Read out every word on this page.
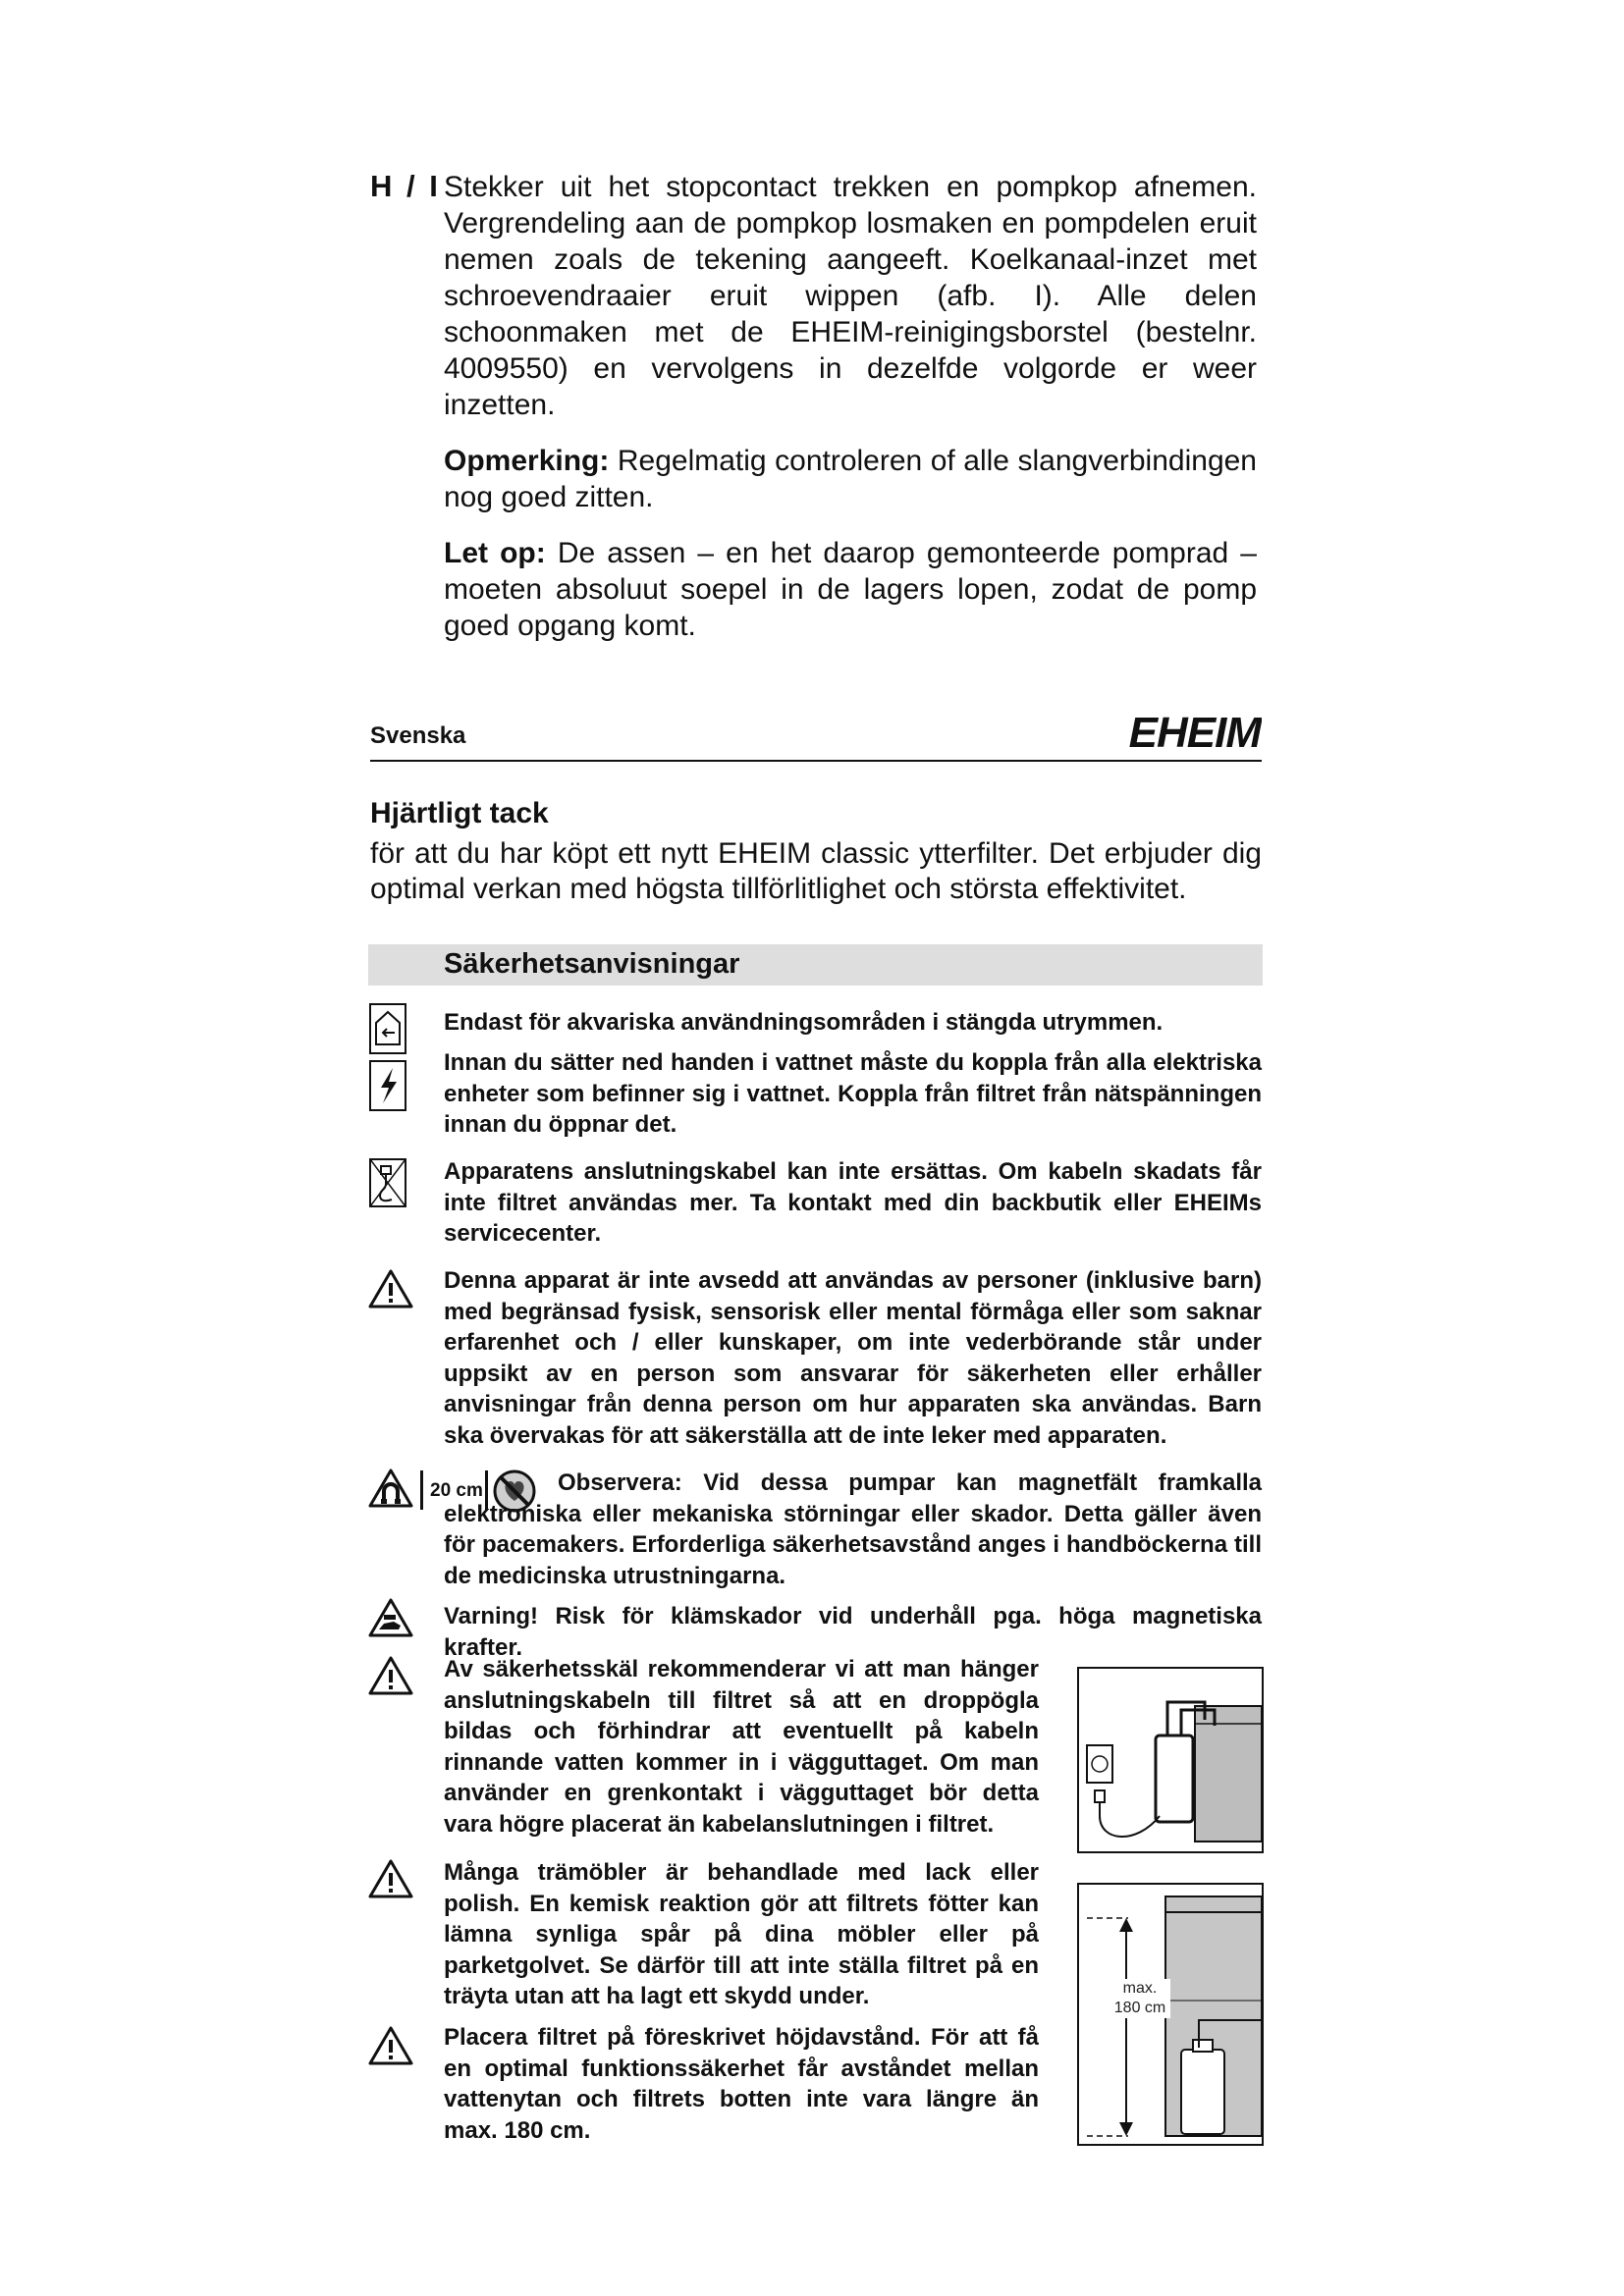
H / I Stekker uit het stopcontact trekken en pompkop afnemen. Vergrendeling aan de pompkop losmaken en pompdelen eruit nemen zoals de tekening aangeeft. Koelkanaal-inzet met schroevendraaier eruit wippen (afb. I). Alle delen schoonmaken met de EHEIM-reinigingsborstel (bestelnr. 4009550) en vervolgens in dezelfde volgorde er weer inzetten.

Opmerking: Regelmatig controleren of alle slangverbindingen nog goed zitten.

Let op: De assen – en het daarop gemonteerde pomprad – moeten absoluut soepel in de lagers lopen, zodat de pomp goed opgang komt.

Svenska	EHEIM
Hjärtligt tack
för att du har köpt ett nytt EHEIM classic ytterfilter. Det erbjuder dig optimal verkan med högsta tillförlitlighet och största effektivitet.
Säkerhetsanvisningar
Endast för akvariska användningsområden i stängda utrymmen.
Innan du sätter ned handen i vattnet måste du koppla från alla elektriska enheter som befinner sig i vattnet. Koppla från filtret från nätspänningen innan du öppnar det.
Apparatens anslutningskabel kan inte ersättas. Om kabeln skadats får inte filtret användas mer. Ta kontakt med din backbutik eller EHEIMs servicecenter.
Denna apparat är inte avsedd att användas av personer (inklusive barn) med begränsad fysisk, sensorisk eller mental förmåga eller som saknar erfarenhet och / eller kunskaper, om inte vederbörande står under uppsikt av en person som ansvarar för säkerheten eller erhåller anvisningar från denna person om hur apparaten ska användas. Barn ska övervakas för att säkerställa att de inte leker med apparaten.
20 cm	Observera: Vid dessa pumpar kan magnetfält framkalla elektroniska eller mekaniska störningar eller skador. Detta gäller även för pacemakers. Erforderliga säkerhetsavstånd anges i handböckerna till de medicinska utrustningarna.
Varning! Risk för klämskador vid underhåll pga. höga magnetiska krafter.
Av säkerhetsskäl rekommenderar vi att man hänger anslutningskabeln till filtret så att en droppögla bildas och förhindrar att eventuellt på kabeln rinnande vatten kommer in i vägguttaget. Om man använder en grenkontakt i vägguttaget bör detta vara högre placerat än kabelanslutningen i filtret.
Många trämöbler är behandlade med lack eller polish. En kemisk reaktion gör att filtrets fötter kan lämna synliga spår på dina möbler eller på parketgolvet. Se därför till att inte ställa filtret på en träyta utan att ha lagt ett skydd under.
Placera filtret på föreskrivet höjdavstånd. För att få en optimal funktionssäkerhet får avståndet mellan vattenytan och filtrets botten inte vara längre än max. 180 cm.
max.
180 cm
